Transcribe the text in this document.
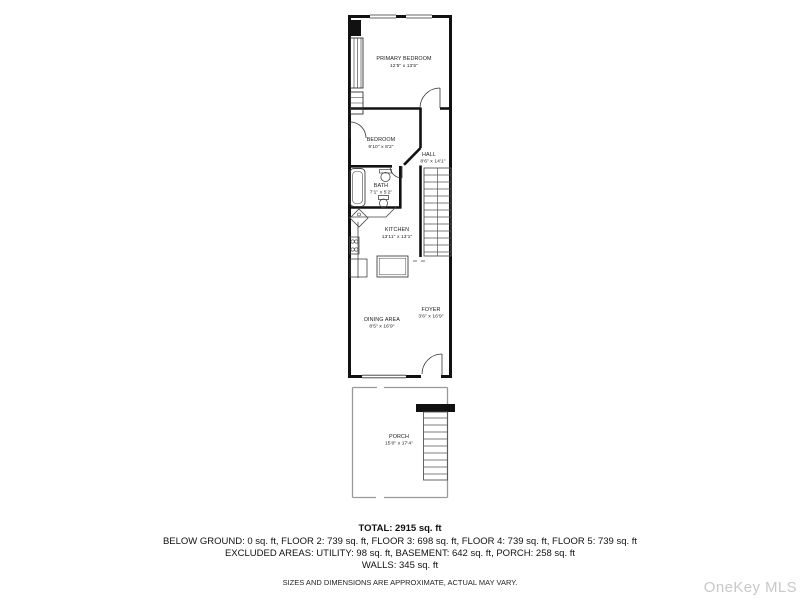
PRIMARY BEDROOM
12'5" x 13'5"
BEDROOM
9'10" x 8'2"
HALL
8'6" x 14'1"
BATH
7'1" x 5'2"
KITCHEN
13'11" x 13'1"
FOYER
3'6" x 16'9"
DINING AREA
8'5" x 16'9"
PORCH
15'0" x 17'4"
TOTAL: 2915 sq. ft
BELOW GROUND: 0 sq. ft, FLOOR 2: 739 sq. ft, FLOOR 3: 698 sq. ft, FLOOR 4: 739 sq. ft, FLOOR 5: 739 sq. ft
EXCLUDED AREAS: UTILITY: 98 sq. ft, BASEMENT: 642 sq. ft, PORCH: 258 sq. ft
WALLS: 345 sq. ft
SIZES AND DIMENSIONS ARE APPROXIMATE, ACTUAL MAY VARY.	OneKey MLS
